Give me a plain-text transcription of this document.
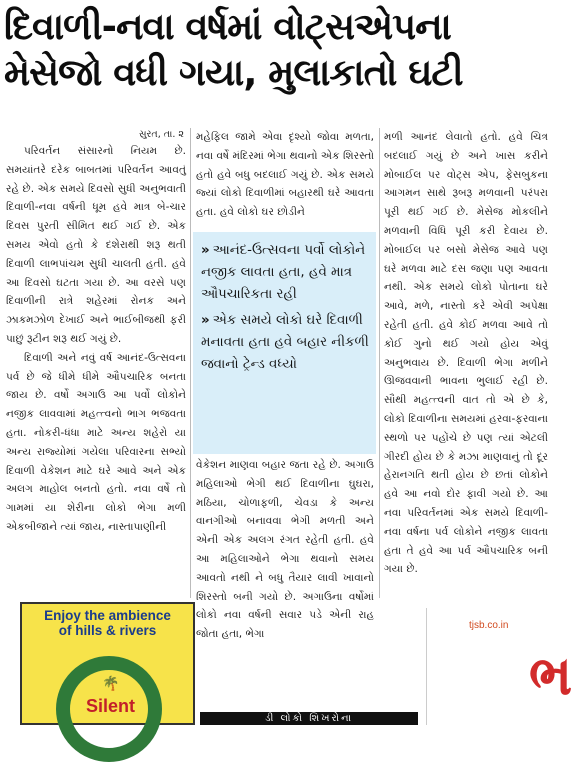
દિવાળી-નવા વર્ષમાં વોટ્સએપના
મેસેજો વધી ગયા, મુલાકાતો ઘટી
સુરત, તા. ૨

પરિવર્તન સંસારનો નિયમ છે. સમયાંતરે દરેક બાબતમાં પરિવર્તન આવતું રહે છે. એક સમયે દિવસો સુધી અનુભવાતી દિવાળી-નવા વર્ષની ધૂમ હવે માત્ર બે-ચાર દિવસ પુરતી સીમિત થઈ ગઈ છે. એક સમય એવો હતો કે દશેરાથી શરૂ થતી દિવાળી લાભપાંચમ સુધી ચાલતી હતી. હવે આ દિવસો ઘટતા ગયા છે. આ વરસે પણ દિવાળીની રાત્રે શહેરમાં રોનક અને ઝાકમઝોળ દેખાઈ અને ભાઈબીજથી ફરી પાછું રૂટીન શરૂ થઈ ગયું છે.

દિવાળી અને નવું વર્ષ આનંદ-ઉત્સવના પર્વ છે જે ધીમે ધીમે ઔપચારિક બનતા જાય છે. વર્ષો અગાઉ આ પર્વો લોકોને નજીક લાવવામાં મહત્ત્વનો ભાગ ભજવતા હતા. નોકરી-ધંધા માટે અન્ય શહેરો યા અન્ય રાજ્યોમાં ગયેલા પરિવારના સભ્યો દિવાળી વેકેશન માટે ઘરે આવે અને એક અલગ માહોલ બનતો હતો. નવા વર્ષે તો ગામમાં યા શેરીના લોકો ભેગા મળી એકબીજાને ત્યાં જાય, નાસ્તાપાણીની

મહેફિલ જામે એવા દૃશ્યો જોવા મળતા, નવા વર્ષે મંદિરમાં ભેગા થવાનો એક શિરસ્તો હતો હવે બધુ બદલાઈ ગયું છે. એક સમયે જ્યાં લોકો દિવાળીમાં બહારથી ઘરે આવતા હતા. હવે લોકો ઘર છોડીને

» આનંદ-ઉત્સવના પર્વો લોકોને નજીક લાવતા હતા, હવે માત્ર ઔપચારિકતા રહી
» એક સમયે લોકો ઘરે દિવાળી મનાવતા હતા હવે બહાર નીકળી જવાનો ટ્રેન્ડ વધ્યો

વેકેશન માણવા બહાર જતા રહે છે. અગાઉ મહિલાઓ ભેગી થઈ દિવાળીના ઘુઘરા, મઠિયા, ચોળાફળી, ચેવડા કે અન્ય વાનગીઓ બનાવવા ભેગી મળતી અને એની એક અલગ રંગત રહેતી હતી. હવે આ મહિલાઓને ભેગા થવાનો સમય આવતો નથી ને બધુ તૈયાર લાવી ખાવાનો શિરસ્તો બની ગયો છે. અગાઉના વર્ષોમાં લોકો નવા વર્ષની સવાર પડે એની રાહ જોતા હતા, ભેગા

મળી આનંદ લેવાતો હતો. હવે ચિત્ર બદલાઈ ગયું છે અને ખાસ કરીને મોબાઈલ પર વોટ્સ એપ, ફેસબુકના આગમન સાથે રૂબરૂ મળવાની પરંપરા પૂરી થઈ ગઈ છે. મેસેજ મોકલીને મળવાની વિધિ પૂરી કરી દેવાય છે. મોબાઈલ પર બસો મેસેજ આવે પણ ઘરે મળવા માટે દસ જણા પણ આવતા નથી. એક સમયે લોકો પોતાના ઘરે આવે, મળે, નાસ્તો કરે એવી અપેક્ષા રહેતી હતી. હવે કોઈ મળવા આવે તો કોઈ ગુનો થઈ ગયો હોય એવું અનુભવાય છે. દિવાળી ભેગા મળીને ઊજવવાની ભાવના ભુલાઈ રહી છે. સૌથી મહત્ત્વની વાત તો એ છે કે, લોકો દિવાળીના સમયમાં હરવા-ફરવાના સ્થળો પર પહોંચે છે પણ ત્યાં એટલી ગીરદી હોય છે કે મઝા માણવાનું તો દૂર હેરાનગતિ થતી હોય છે છતાં લોકોને હવે આ નવો દોર ફાવી ગયો છે. આ નવા પરિવર્તનમાં એક સમયે દિવાળી-નવા વર્ષના પર્વ લોકોને નજીક લાવતા હતા તે હવે આ પર્વ ઔપચારિક બની ગયા છે.

Enjoy the ambience
of hills & rivers
🌴
Silent
tjsb.co.in
ભ
ડી લોકો શિખરોના
